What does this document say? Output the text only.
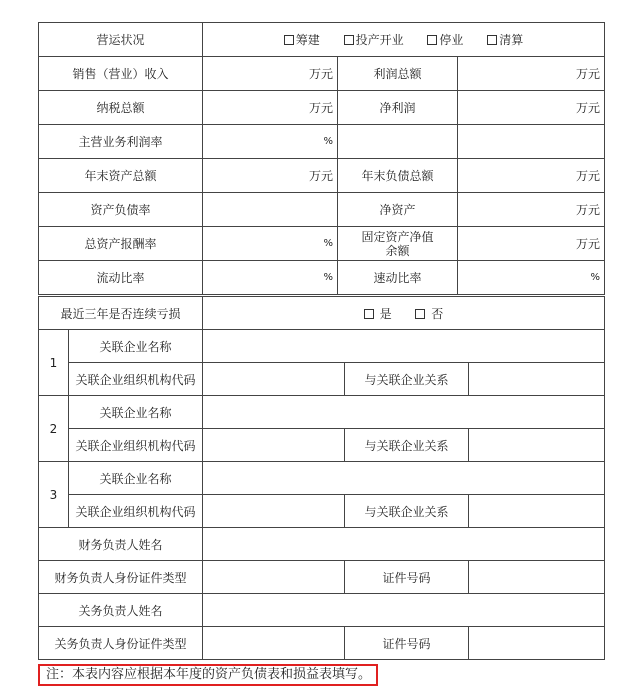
营运状况	筹建 投产开业 停业 清算		
销售（营业）收入	万元	利润总额	万元
纳税总额	万元	净利润	万元
主营业务利润率	%		
年末资产总额	万元	年末负债总额	万元
资产负债率		净资产	万元
总资产报酬率	%	固定资产净值余额	万元
流动比率	%	速动比率	%
最近三年是否连续亏损		是 否		
1	关联企业名称			
	关联企业组织机构代码		与关联企业关系	
2	关联企业名称			
	关联企业组织机构代码		与关联企业关系	
3	关联企业名称			
	关联企业组织机构代码		与关联企业关系	
财务负责人姓名				
财务负责人身份证件类型			证件号码	
关务负责人姓名				
关务负责人身份证件类型			证件号码	
注：本表内容应根据本年度的资产负债表和损益表填写。
